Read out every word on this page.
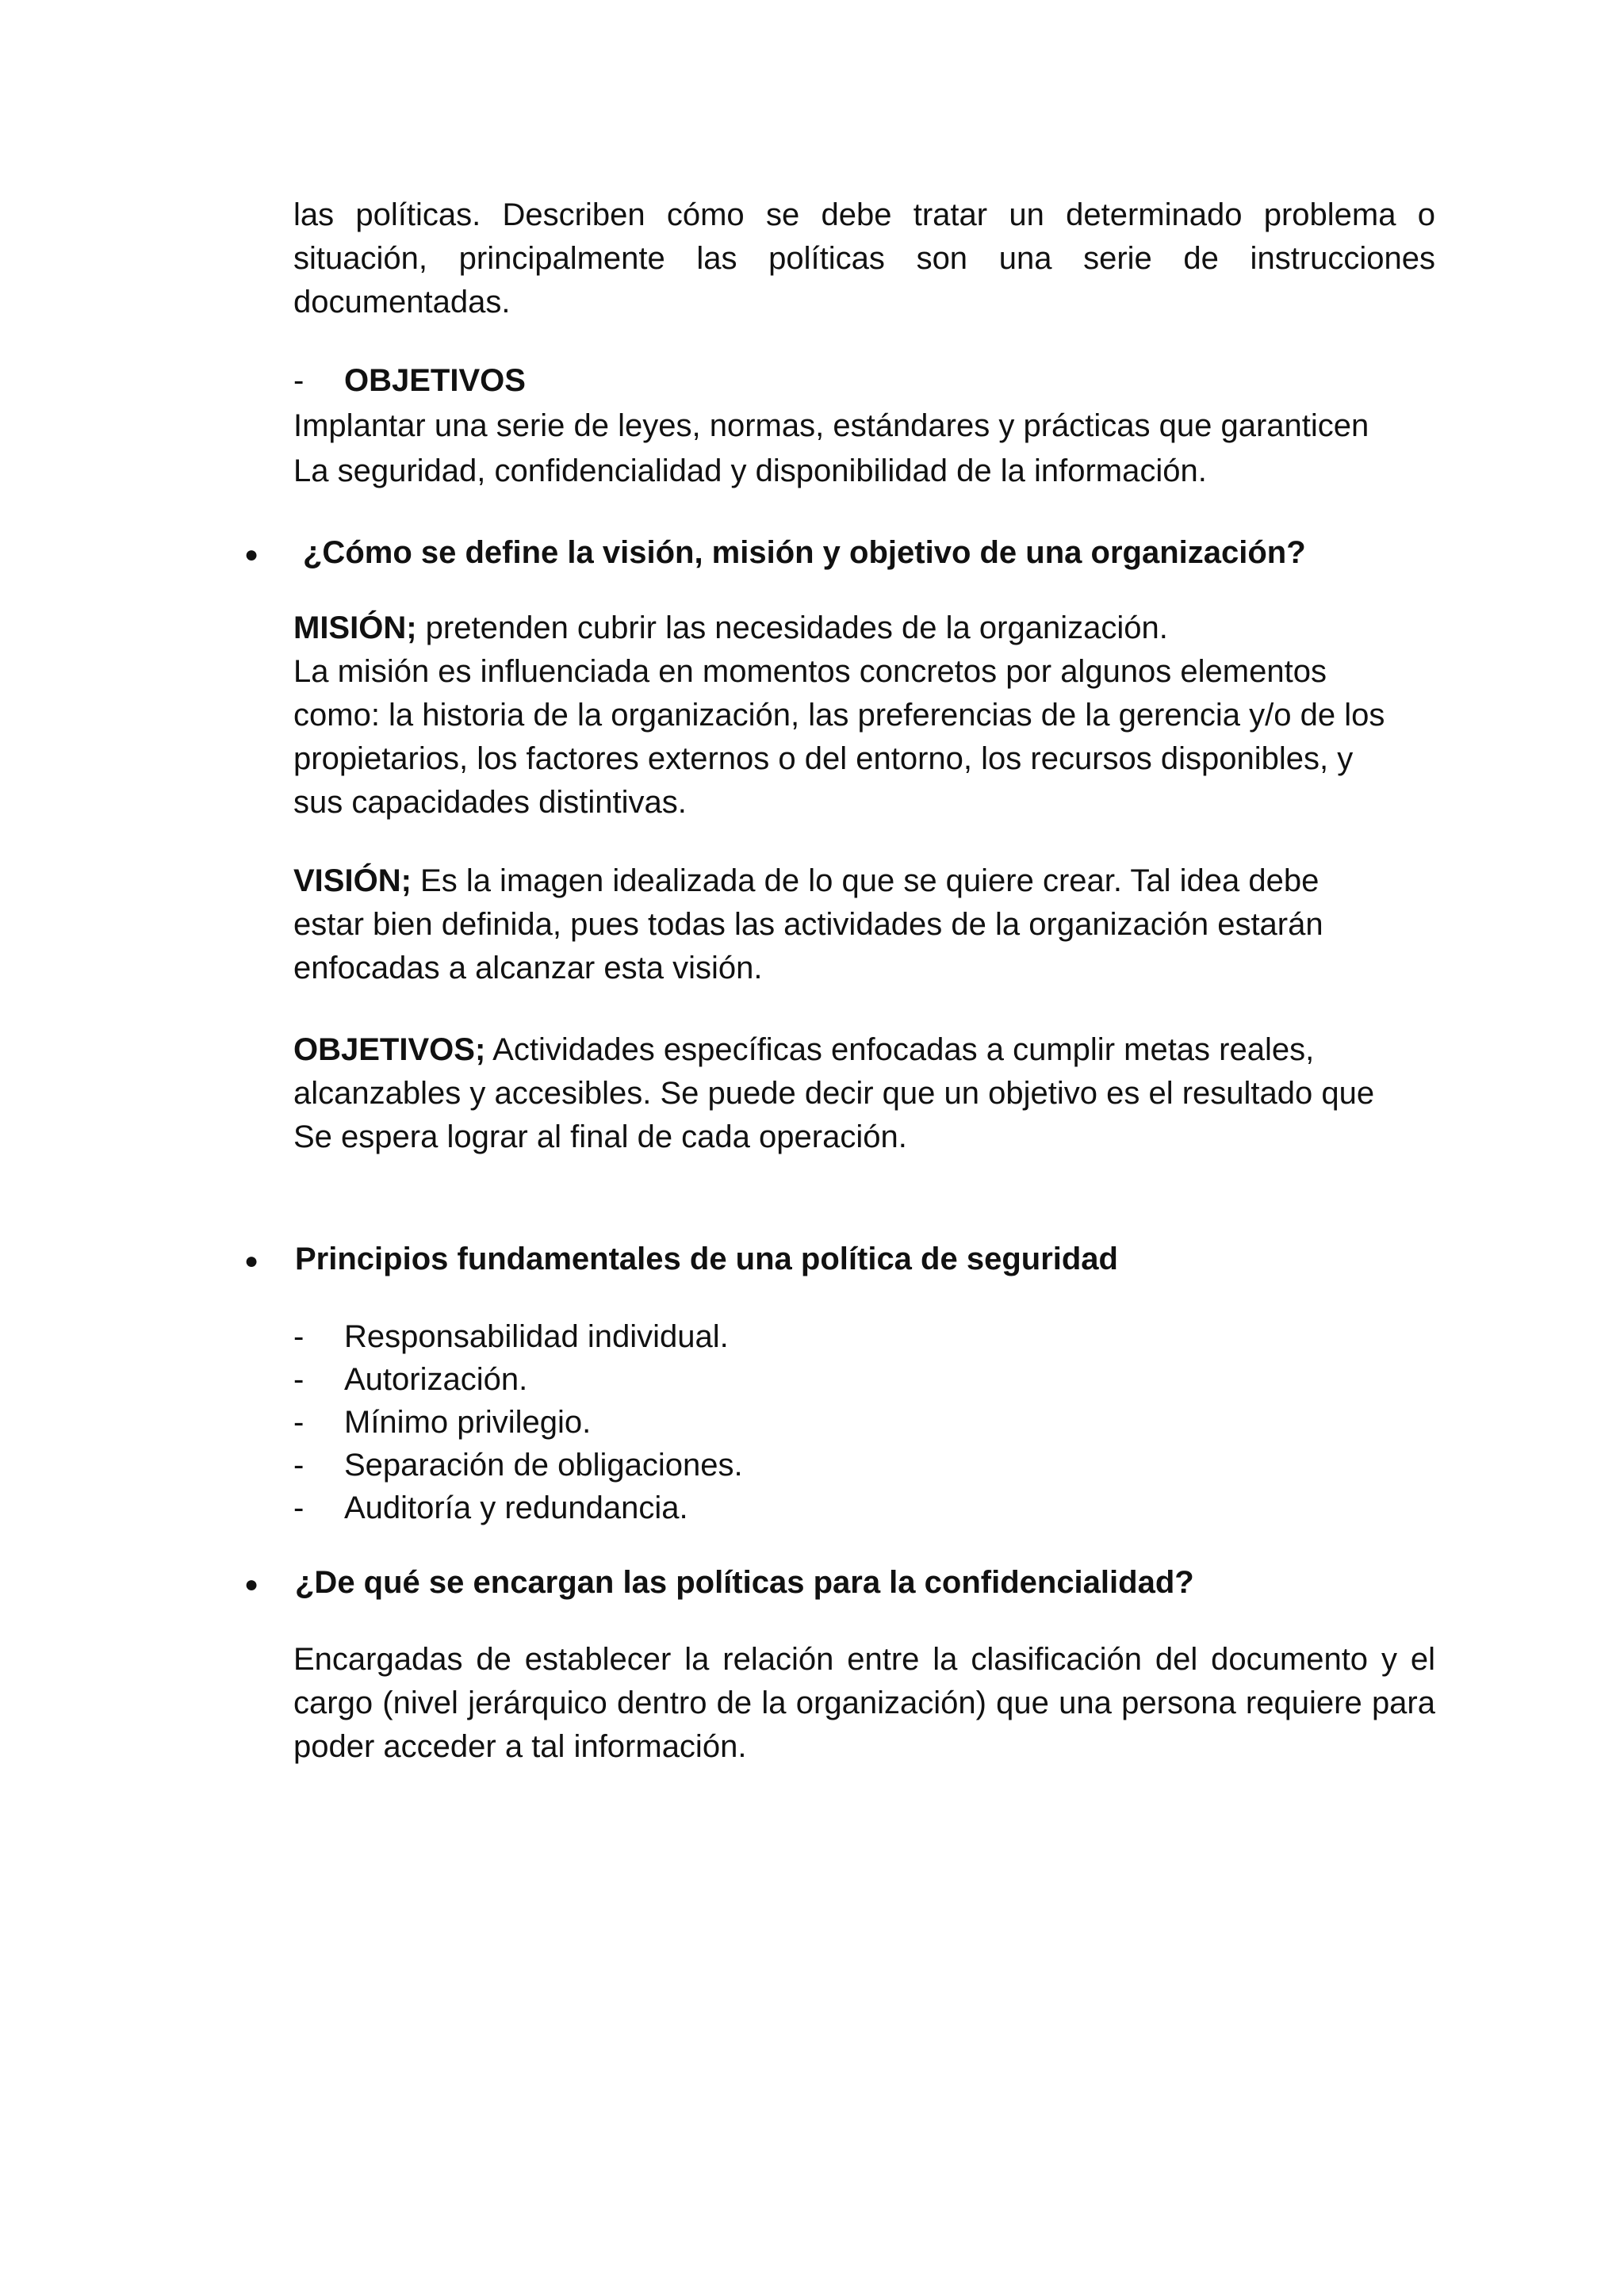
las políticas. Describen cómo se debe tratar un determinado problema o situación, principalmente las políticas son una serie de instrucciones documentadas.

- OBJETIVOS

Implantar una serie de leyes, normas, estándares y prácticas que garanticen

La seguridad, confidencialidad y disponibilidad de la información.

● ¿Cómo se define la visión, misión y objetivo de una organización?
MISIÓN; pretenden cubrir las necesidades de la organización.
La misión es influenciada en momentos concretos por algunos elementos
como: la historia de la organización, las preferencias de la gerencia y/o de los
propietarios, los factores externos o del entorno, los recursos disponibles, y
sus capacidades distintivas.
VISIÓN; Es la imagen idealizada de lo que se quiere crear. Tal idea debe
estar bien definida, pues todas las actividades de la organización estarán
enfocadas a alcanzar esta visión.
OBJETIVOS; Actividades específicas enfocadas a cumplir metas reales,
alcanzables y accesibles. Se puede decir que un objetivo es el resultado que
Se espera lograr al final de cada operación.
● Principios fundamentales de una política de seguridad
- Responsabilidad individual.
- Autorización.
- Mínimo privilegio.
- Separación de obligaciones.
- Auditoría y redundancia.
● ¿De qué se encargan las políticas para la confidencialidad?

Encargadas de establecer la relación entre la clasificación del documento y el cargo (nivel jerárquico dentro de la organización) que una persona requiere para poder acceder a tal información.
